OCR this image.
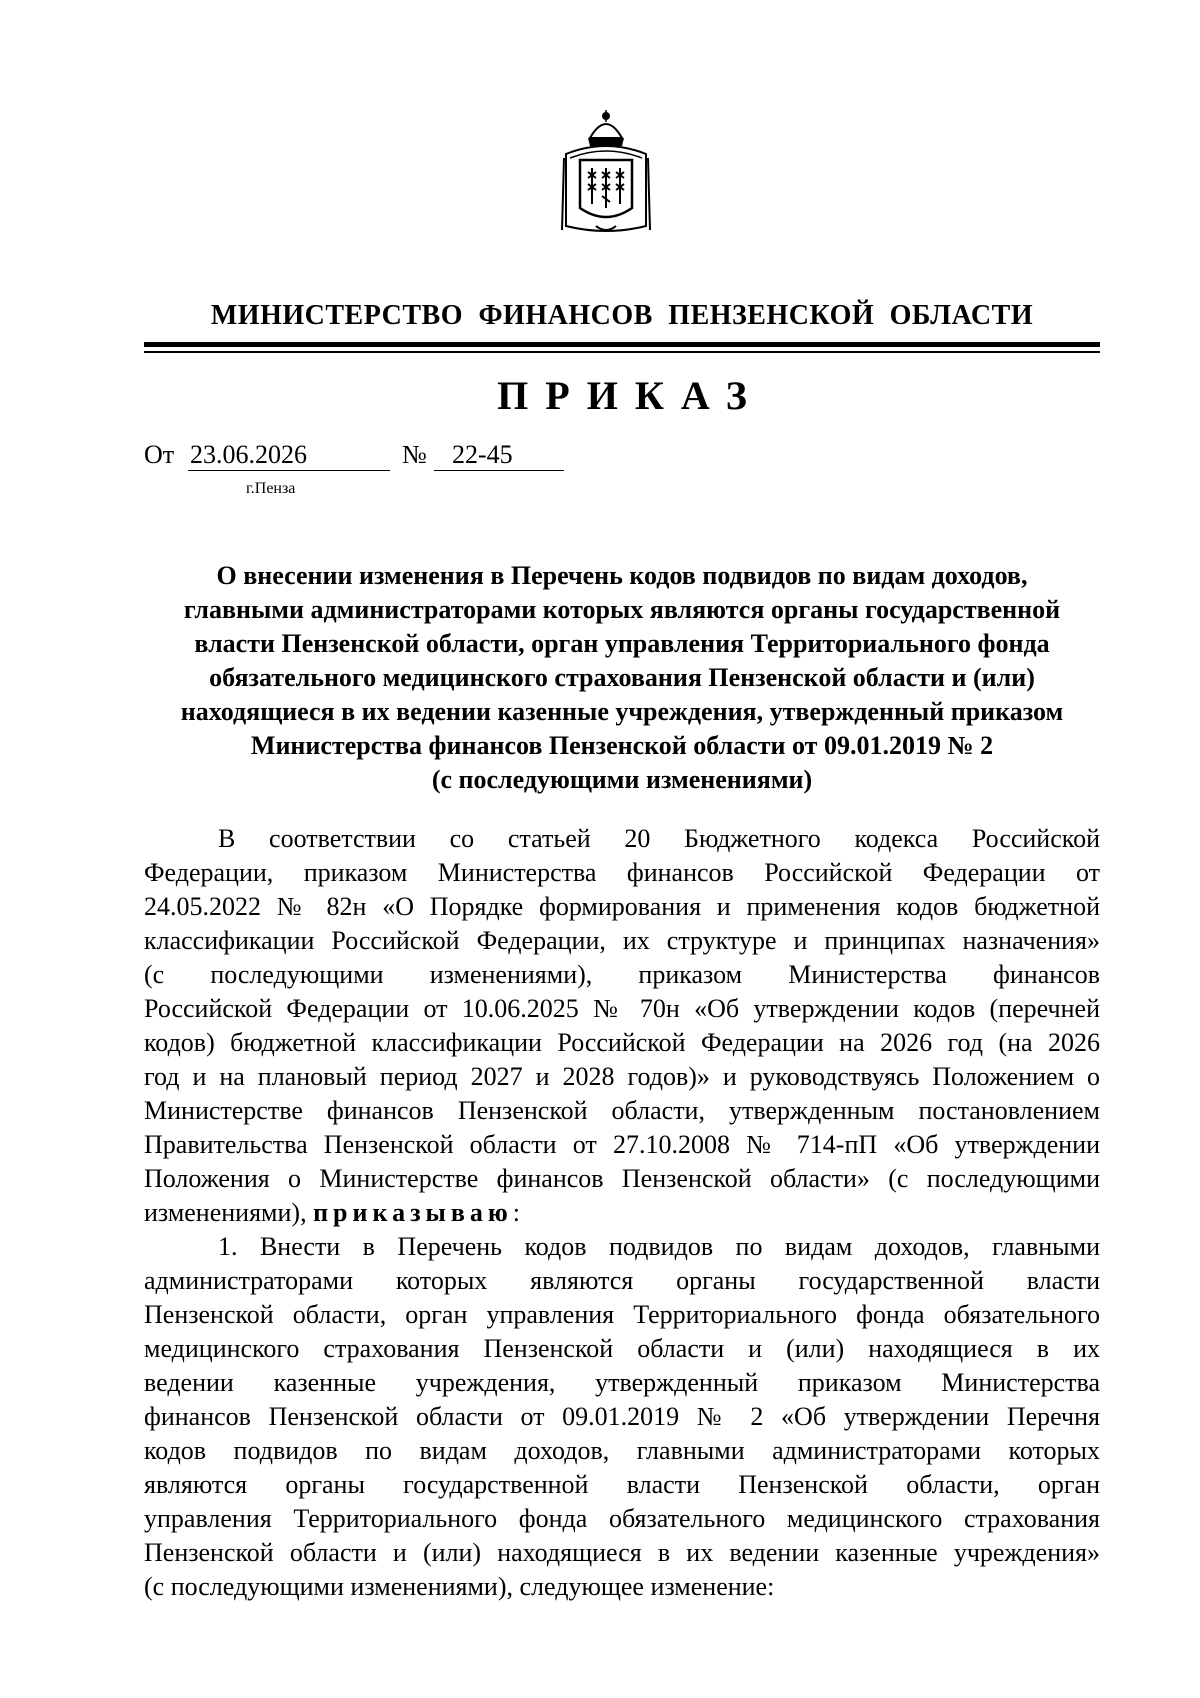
МИНИСТЕРСТВО ФИНАНСОВ ПЕНЗЕНСКОЙ ОБЛАСТИ
ПРИКАЗ
От 23.06.2026	№ 22-45
г.Пенза
О внесении изменения в Перечень кодов подвидов по видам доходов,
главными администраторами которых являются органы государственной
власти Пензенской области, орган управления Территориального фонда
обязательного медицинского страхования Пензенской области и (или)
находящиеся в их ведении казенные учреждения, утвержденный приказом
Министерства финансов Пензенской области от 09.01.2019 № 2
(с последующими изменениями)
В соответствии со статьей 20 Бюджетного кодекса Российской
Федерации, приказом Министерства финансов Российской Федерации от
24.05.2022 № 82н «О Порядке формирования и применения кодов бюджетной
классификации Российской Федерации, их структуре и принципах назначения»
(с последующими изменениями), приказом Министерства финансов
Российской Федерации от 10.06.2025 № 70н «Об утверждении кодов (перечней
кодов) бюджетной классификации Российской Федерации на 2026 год (на 2026
год и на плановый период 2027 и 2028 годов)» и руководствуясь Положением о
Министерстве финансов Пензенской области, утвержденным постановлением
Правительства Пензенской области от 27.10.2008 № 714-пП «Об утверждении
Положения о Министерстве финансов Пензенской области» (с последующими
изменениями), приказываю:
1. Внести в Перечень кодов подвидов по видам доходов, главными
администраторами которых являются органы государственной власти
Пензенской области, орган управления Территориального фонда обязательного
медицинского страхования Пензенской области и (или) находящиеся в их
ведении казенные учреждения, утвержденный приказом Министерства
финансов Пензенской области от 09.01.2019 № 2 «Об утверждении Перечня
кодов подвидов по видам доходов, главными администраторами которых
являются органы государственной власти Пензенской области, орган
управления Территориального фонда обязательного медицинского страхования
Пензенской области и (или) находящиеся в их ведении казенные учреждения»
(с последующими изменениями), следующее изменение:
